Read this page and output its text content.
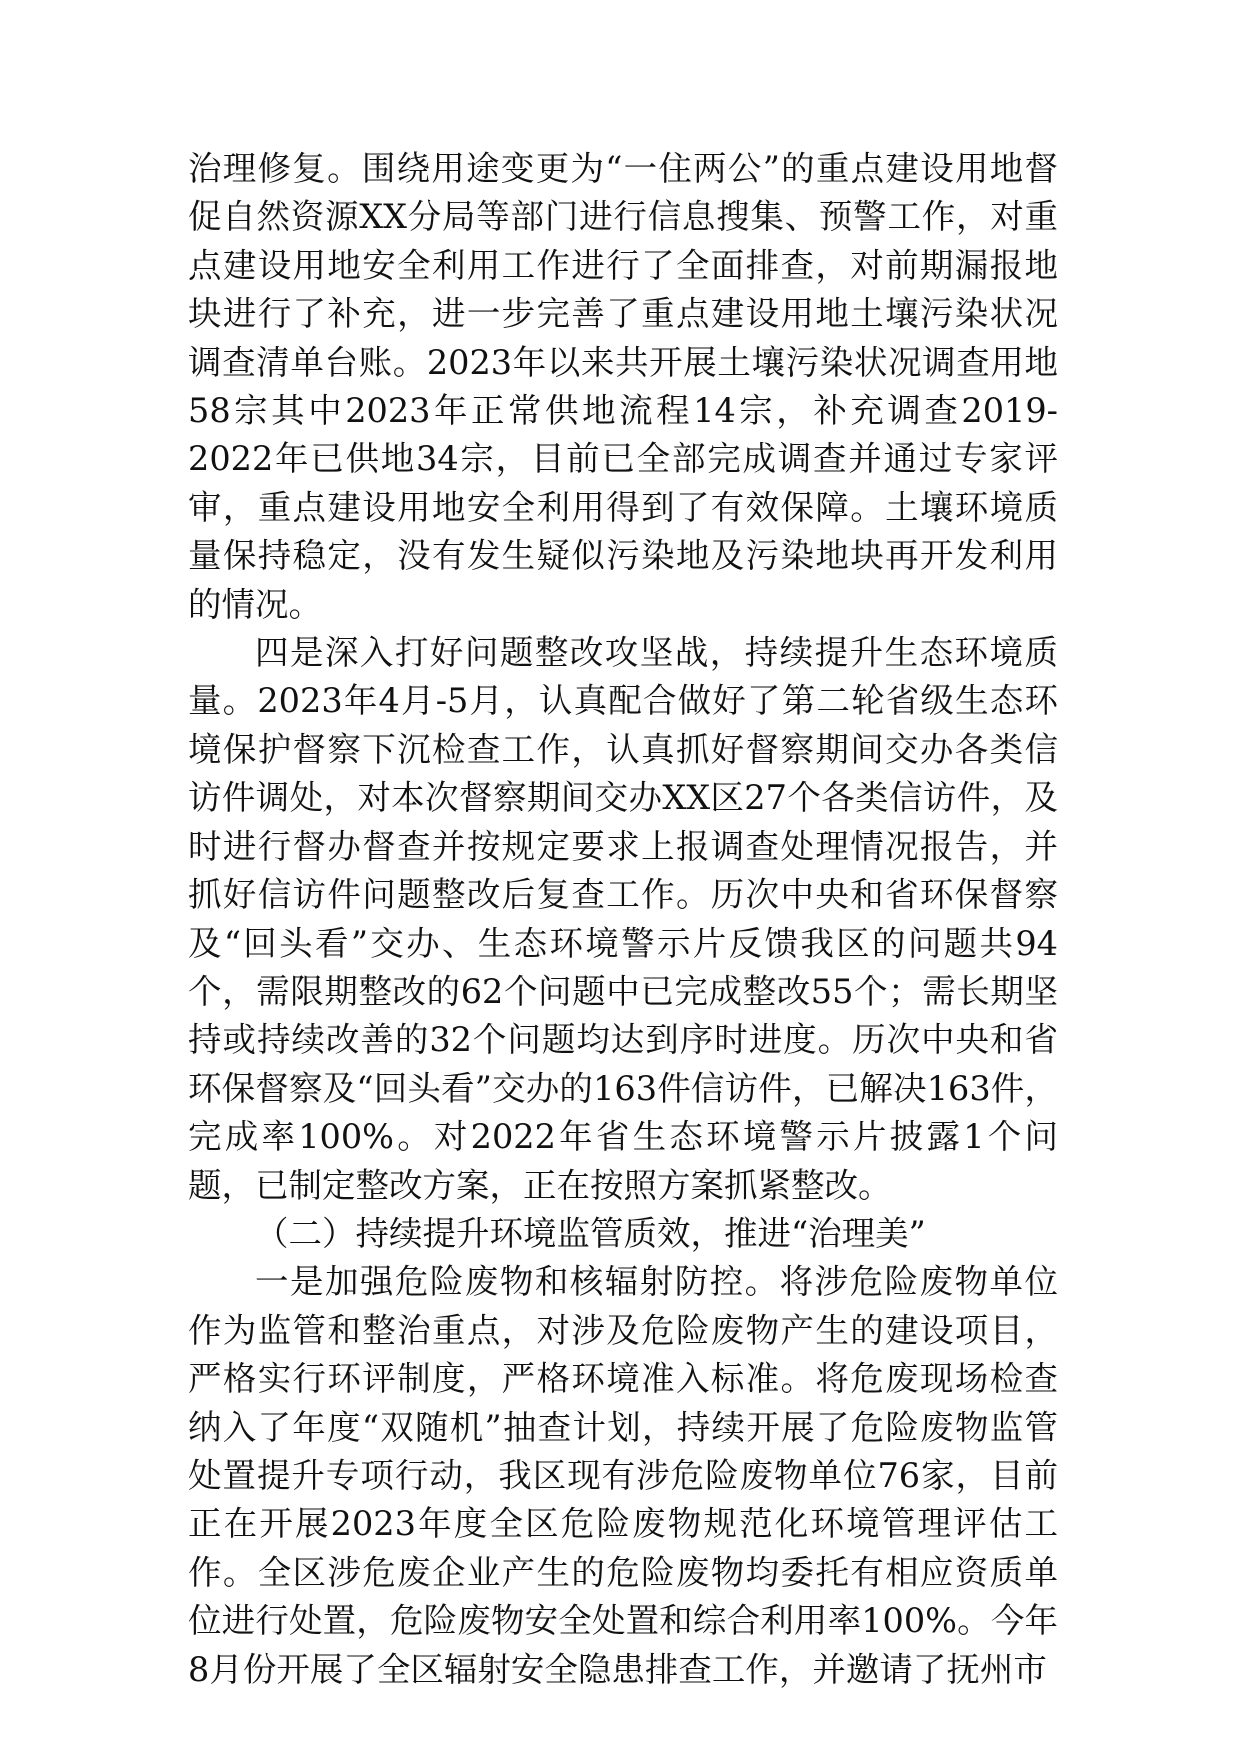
治理修复。围绕用途变更为“一住两公”的重点建设用地督促自然资源XX分局等部门进行信息搜集、预警工作，对重点建设用地安全利用工作进行了全面排查，对前期漏报地块进行了补充，进一步完善了重点建设用地土壤污染状况调查清单台账。2023年以来共开展土壤污染状况调查用地58宗其中2023年正常供地流程14宗，补充调查2019-2022年已供地34宗，目前已全部完成调查并通过专家评审，重点建设用地安全利用得到了有效保障。土壤环境质量保持稳定，没有发生疑似污染地及污染地块再开发利用的情况。

四是深入打好问题整改攻坚战，持续提升生态环境质量。2023年4月-5月，认真配合做好了第二轮省级生态环境保护督察下沉检查工作，认真抓好督察期间交办各类信访件调处，对本次督察期间交办XX区27个各类信访件，及时进行督办督查并按规定要求上报调查处理情况报告，并抓好信访件问题整改后复查工作。历次中央和省环保督察及“回头看”交办、生态环境警示片反馈我区的问题共94个，需限期整改的62个问题中已完成整改55个；需长期坚持或持续改善的32个问题均达到序时进度。历次中央和省环保督察及“回头看”交办的163件信访件，已解决163件，完成率100%。对2022年省生态环境警示片披露1个问题，已制定整改方案，正在按照方案抓紧整改。

（二）持续提升环境监管质效，推进“治理美”

一是加强危险废物和核辐射防控。将涉危险废物单位作为监管和整治重点，对涉及危险废物产生的建设项目，严格实行环评制度，严格环境准入标准。将危废现场检查纳入了年度“双随机”抽查计划，持续开展了危险废物监管处置提升专项行动，我区现有涉危险废物单位76家，目前正在开展2023年度全区危险废物规范化环境管理评估工作。全区涉危废企业产生的危险废物均委托有相应资质单位进行处置，危险废物安全处置和综合利用率100%。今年8月份开展了全区辐射安全隐患排查工作，并邀请了抚州市
